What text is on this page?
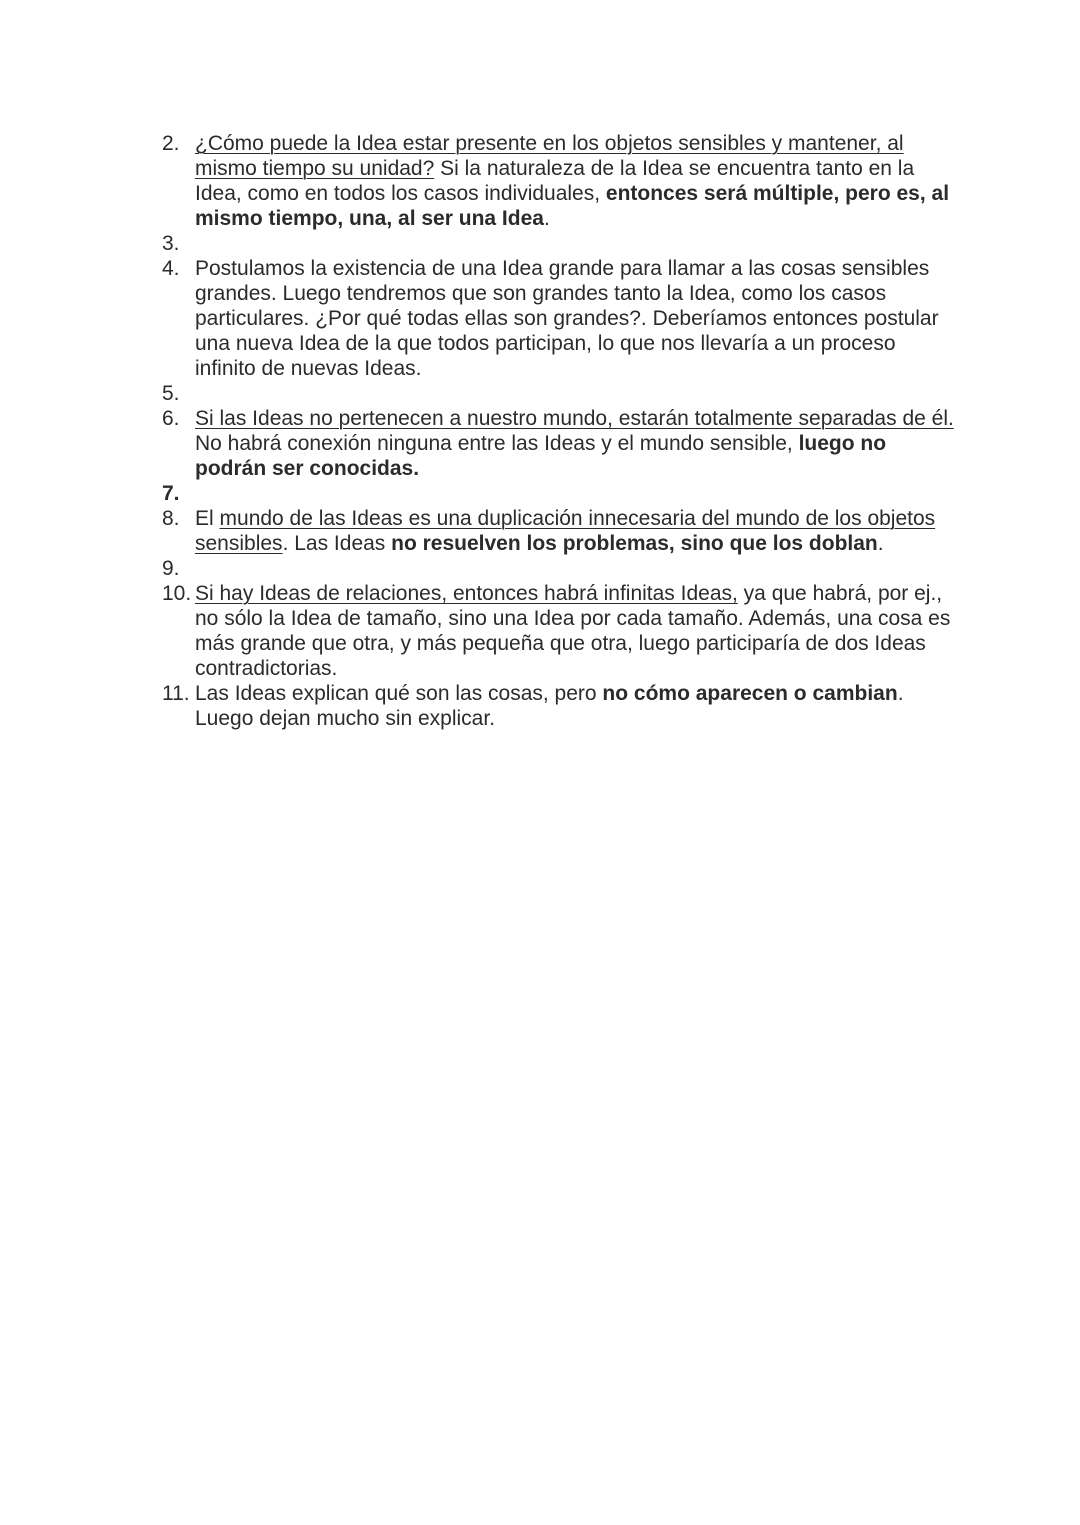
2. ¿Cómo puede la Idea estar presente en los objetos sensibles y mantener, al mismo tiempo su unidad? Si la naturaleza de la Idea se encuentra tanto en la Idea, como en todos los casos individuales, entonces será múltiple, pero es, al mismo tiempo, una, al ser una Idea.
3.
4. Postulamos la existencia de una Idea grande para llamar a las cosas sensibles grandes. Luego tendremos que son grandes tanto la Idea, como los casos particulares. ¿Por qué todas ellas son grandes?. Deberíamos entonces postular una nueva Idea de la que todos participan, lo que nos llevaría a un proceso infinito de nuevas Ideas.
5.
6. Si las Ideas no pertenecen a nuestro mundo, estarán totalmente separadas de él. No habrá conexión ninguna entre las Ideas y el mundo sensible, luego no podrán ser conocidas.
7.
8. El mundo de las Ideas es una duplicación innecesaria del mundo de los objetos sensibles. Las Ideas no resuelven los problemas, sino que los doblan.
9.
10. Si hay Ideas de relaciones, entonces habrá infinitas Ideas, ya que habrá, por ej., no sólo la Idea de tamaño, sino una Idea por cada tamaño. Además, una cosa es más grande que otra, y más pequeña que otra, luego participaría de dos Ideas contradictorias.
11. Las Ideas explican qué son las cosas, pero no cómo aparecen o cambian. Luego dejan mucho sin explicar.
